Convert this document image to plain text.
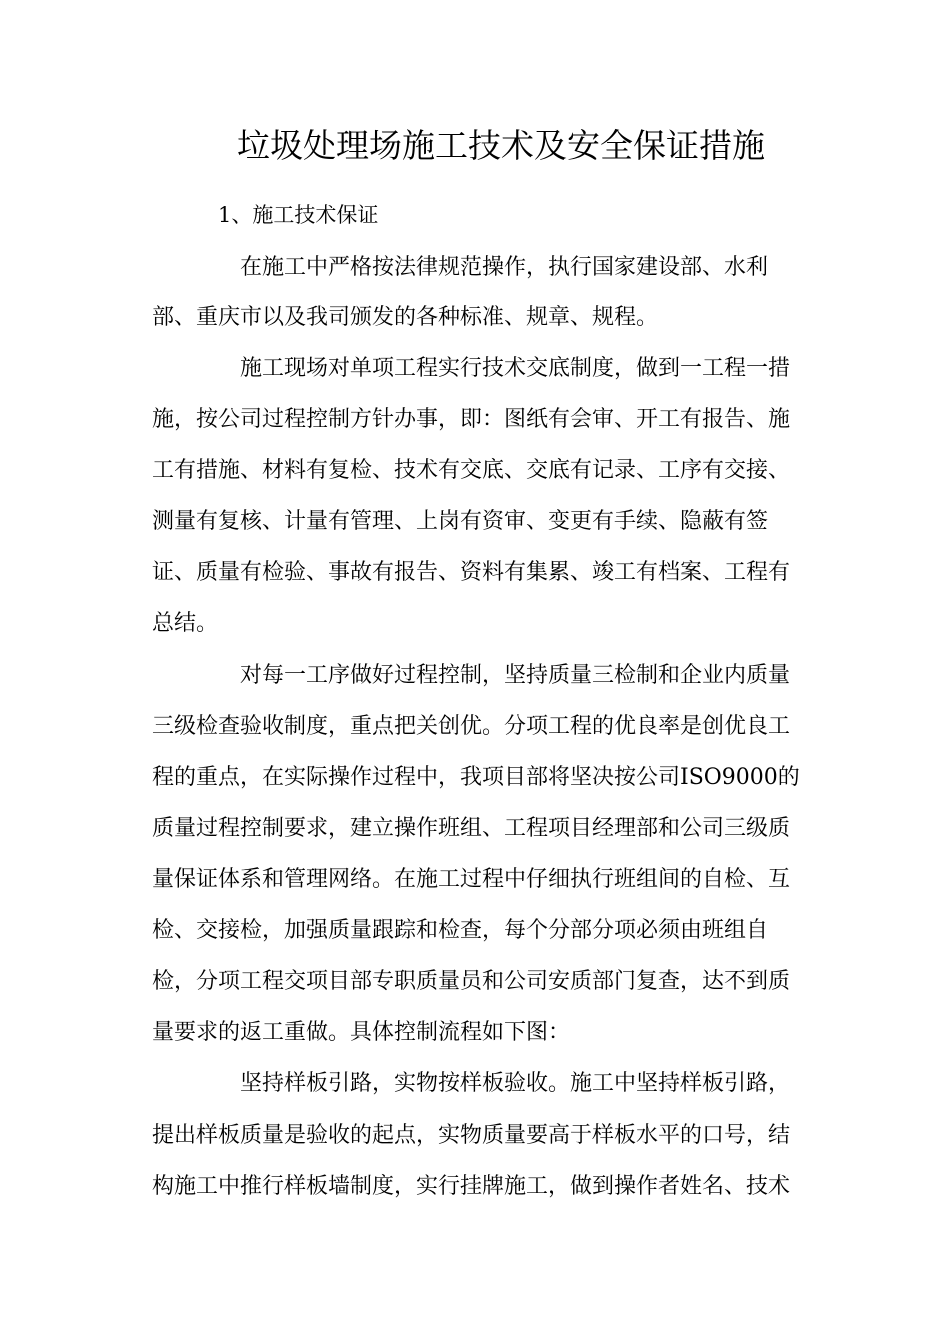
垃圾处理场施工技术及安全保证措施
1、施工技术保证
在施工中严格按法律规范操作，执行国家建设部、水利
部、重庆市以及我司颁发的各种标准、规章、规程。
施工现场对单项工程实行技术交底制度，做到一工程一措
施，按公司过程控制方针办事，即：图纸有会审、开工有报告、施
工有措施、材料有复检、技术有交底、交底有记录、工序有交接、
测量有复核、计量有管理、上岗有资审、变更有手续、隐蔽有签
证、质量有检验、事故有报告、资料有集累、竣工有档案、工程有
总结。
对每一工序做好过程控制，坚持质量三检制和企业内质量
三级检查验收制度，重点把关创优。分项工程的优良率是创优良工
程的重点，在实际操作过程中，我项目部将坚决按公司ISO9000的
质量过程控制要求，建立操作班组、工程项目经理部和公司三级质
量保证体系和管理网络。在施工过程中仔细执行班组间的自检、互
检、交接检，加强质量跟踪和检查，每个分部分项必须由班组自
检，分项工程交项目部专职质量员和公司安质部门复查，达不到质
量要求的返工重做。具体控制流程如下图：
坚持样板引路，实物按样板验收。施工中坚持样板引路，
提出样板质量是验收的起点，实物质量要高于样板水平的口号，结
构施工中推行样板墙制度，实行挂牌施工，做到操作者姓名、技术
